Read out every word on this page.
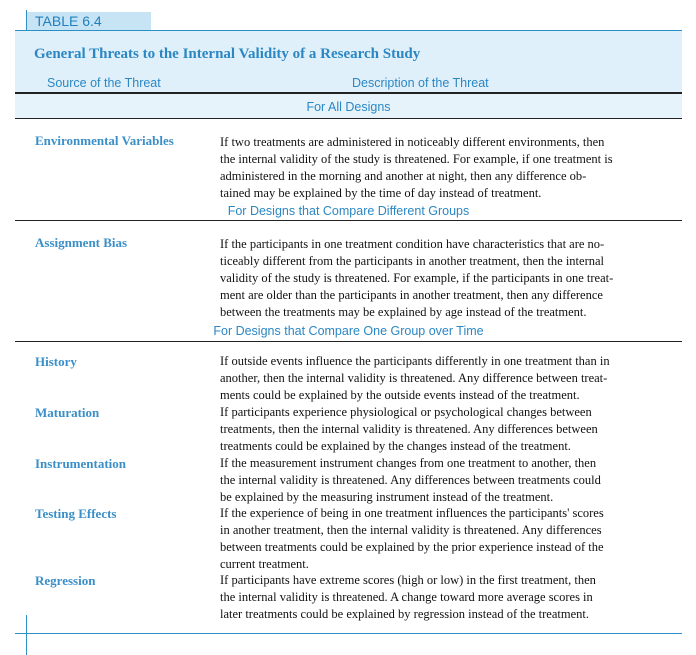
TABLE 6.4
General Threats to the Internal Validity of a Research Study
Source of the Threat	Description of the Threat
For All Designs
Environmental Variables	If two treatments are administered in noticeably different environments, then
the internal validity of the study is threatened. For example, if one treatment is
administered in the morning and another at night, then any difference ob-
tained may be explained by the time of day instead of treatment.
For Designs that Compare Different Groups
Assignment Bias	If the participants in one treatment condition have characteristics that are no-
ticeably different from the participants in another treatment, then the internal
validity of the study is threatened. For example, if the participants in one treat-
ment are older than the participants in another treatment, then any difference
between the treatments may be explained by age instead of the treatment.
For Designs that Compare One Group over Time
History	If outside events influence the participants differently in one treatment than in
another, then the internal validity is threatened. Any difference between treat-
ments could be explained by the outside events instead of the treatment.
Maturation	If participants experience physiological or psychological changes between
treatments, then the internal validity is threatened. Any differences between
treatments could be explained by the changes instead of the treatment.
Instrumentation	If the measurement instrument changes from one treatment to another, then
the internal validity is threatened. Any differences between treatments could
be explained by the measuring instrument instead of the treatment.
Testing Effects	If the experience of being in one treatment influences the participants' scores
in another treatment, then the internal validity is threatened. Any differences
between treatments could be explained by the prior experience instead of the
current treatment.
Regression	If participants have extreme scores (high or low) in the first treatment, then
the internal validity is threatened. A change toward more average scores in
later treatments could be explained by regression instead of the treatment.
